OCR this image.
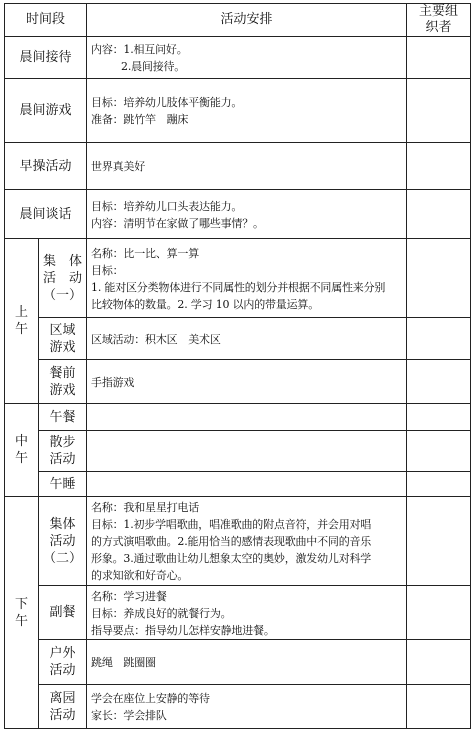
时间段		活动安排	主要组织者

晨间接待		内容：1.相互问好。
2.晨间接待。	

晨间游戏		目标：培养幼儿肢体平衡能力。
准备：跳竹竿　蹦床	

早操活动		世界真美好	

晨间谈话		目标：培养幼儿口头表达能力。
内容：清明节在家做了哪些事情？。	

上午	集　体
活　动
（一）	名称：比一比、算一算
目标：
1. 能对区分类物体进行不同属性的划分并根据不同属性来分别
比较物体的数量。2. 学习 10 以内的带量运算。	

	区域
游戏	区域活动：积木区　美术区	

	餐前
游戏	手指游戏	

中午	午餐		

	散步
活动		

	午睡		

下午	集体
活动
（二）	名称：我和星星打电话
目标：1.初步学唱歌曲，唱准歌曲的附点音符，并会用对唱
的方式演唱歌曲。2.能用恰当的感情表现歌曲中不同的音乐
形象。3.通过歌曲让幼儿想象太空的奥妙，激发幼儿对科学
的求知欲和好奇心。	

	副餐	名称：学习进餐
目标：养成良好的就餐行为。
指导要点：指导幼儿怎样安静地进餐。	

	户外
活动	跳绳　跳圈圈	

	离园
活动	学会在座位上安静的等待
家长：学会排队	
